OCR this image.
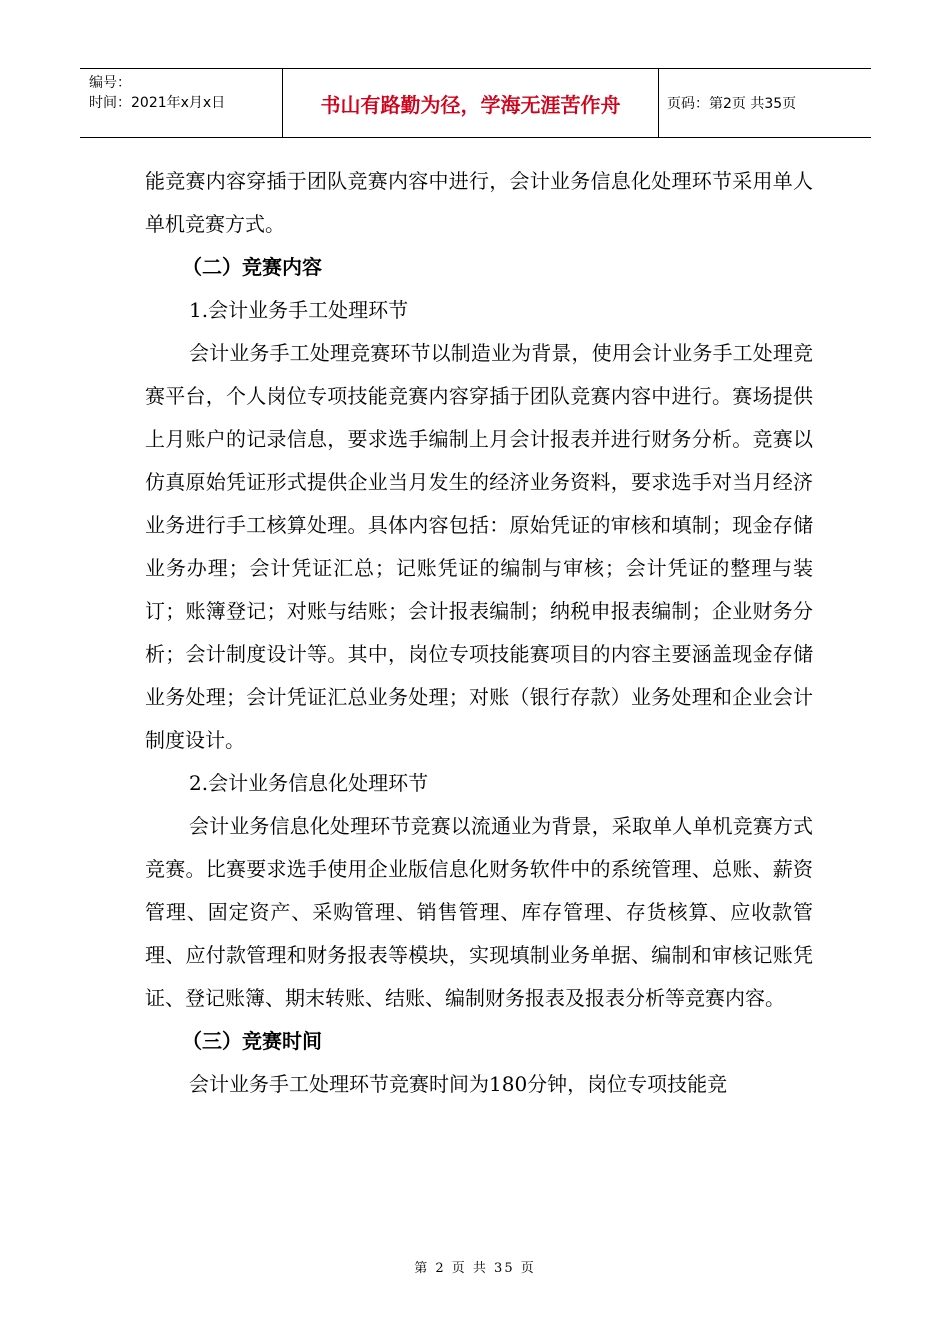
编号：
时间：2021年x月x日	书山有路勤为径，学海无涯苦作舟	页码：第2页 共35页

能竞赛内容穿插于团队竞赛内容中进行，会计业务信息化处理环节采用单人单机竞赛方式。

（二）竞赛内容

1.会计业务手工处理环节

会计业务手工处理竞赛环节以制造业为背景，使用会计业务手工处理竞赛平台，个人岗位专项技能竞赛内容穿插于团队竞赛内容中进行。赛场提供上月账户的记录信息，要求选手编制上月会计报表并进行财务分析。竞赛以仿真原始凭证形式提供企业当月发生的经济业务资料，要求选手对当月经济业务进行手工核算处理。具体内容包括：原始凭证的审核和填制；现金存储业务办理；会计凭证汇总；记账凭证的编制与审核；会计凭证的整理与装订；账簿登记；对账与结账；会计报表编制；纳税申报表编制；企业财务分析；会计制度设计等。其中，岗位专项技能赛项目的内容主要涵盖现金存储业务处理；会计凭证汇总业务处理；对账（银行存款）业务处理和企业会计制度设计。

2.会计业务信息化处理环节

会计业务信息化处理环节竞赛以流通业为背景，采取单人单机竞赛方式竞赛。比赛要求选手使用企业版信息化财务软件中的系统管理、总账、薪资管理、固定资产、采购管理、销售管理、库存管理、存货核算、应收款管理、应付款管理和财务报表等模块，实现填制业务单据、编制和审核记账凭证、登记账簿、期末转账、结账、编制财务报表及报表分析等竞赛内容。

（三）竞赛时间

会计业务手工处理环节竞赛时间为180分钟，岗位专项技能竞

第 2 页 共 35 页
